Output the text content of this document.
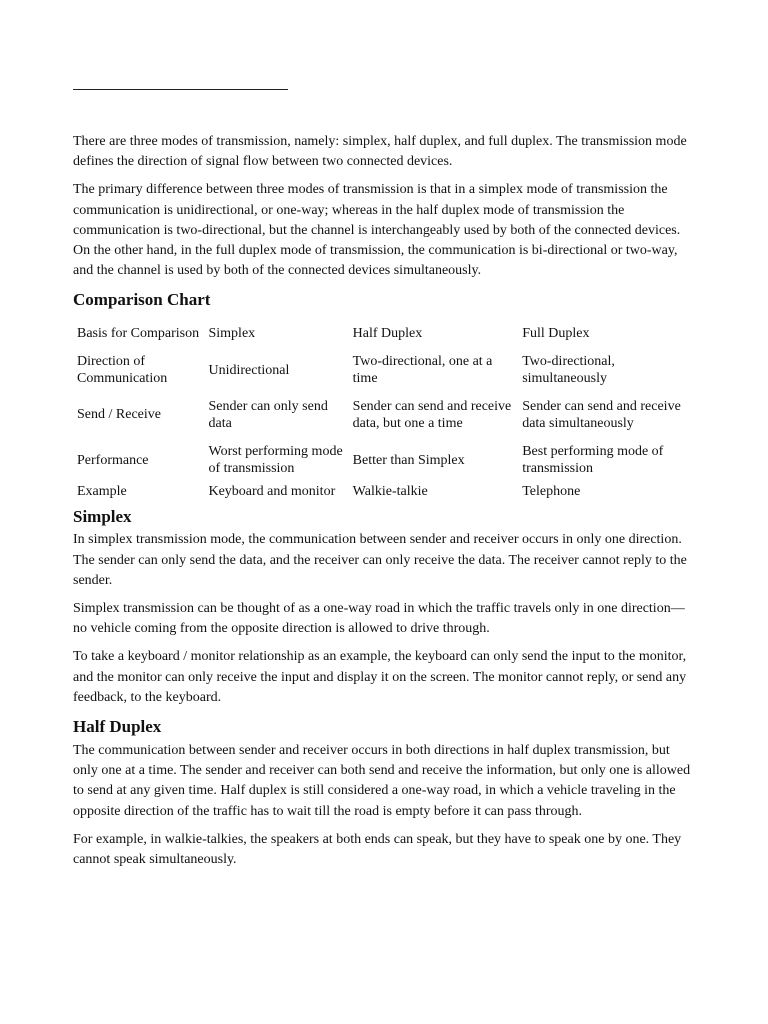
There are three modes of transmission, namely: simplex, half duplex, and full duplex. The transmission mode defines the direction of signal flow between two connected devices.

The primary difference between three modes of transmission is that in a simplex mode of transmission the communication is unidirectional, or one-way; whereas in the half duplex mode of transmission the communication is two-directional, but the channel is interchangeably used by both of the connected devices. On the other hand, in the full duplex mode of transmission, the communication is bi-directional or two-way, and the channel is used by both of the connected devices simultaneously.

Comparison Chart
Basis for Comparison	Simplex	Half Duplex	Full Duplex
Direction of Communication	Unidirectional	Two-directional, one at a time	Two-directional, simultaneously
Send / Receive	Sender can only send data	Sender can send and receive data, but one a time	Sender can send and receive data simultaneously
Performance	Worst performing mode of transmission	Better than Simplex	Best performing mode of transmission
Example	Keyboard and monitor	Walkie-talkie	Telephone
Simplex

In simplex transmission mode, the communication between sender and receiver occurs in only one direction. The sender can only send the data, and the receiver can only receive the data. The receiver cannot reply to the sender.

Simplex transmission can be thought of as a one-way road in which the traffic travels only in one direction—no vehicle coming from the opposite direction is allowed to drive through.

To take a keyboard / monitor relationship as an example, the keyboard can only send the input to the monitor, and the monitor can only receive the input and display it on the screen. The monitor cannot reply, or send any feedback, to the keyboard.

Half Duplex

The communication between sender and receiver occurs in both directions in half duplex transmission, but only one at a time. The sender and receiver can both send and receive the information, but only one is allowed to send at any given time. Half duplex is still considered a one-way road, in which a vehicle traveling in the opposite direction of the traffic has to wait till the road is empty before it can pass through.

For example, in walkie-talkies, the speakers at both ends can speak, but they have to speak one by one. They cannot speak simultaneously.
